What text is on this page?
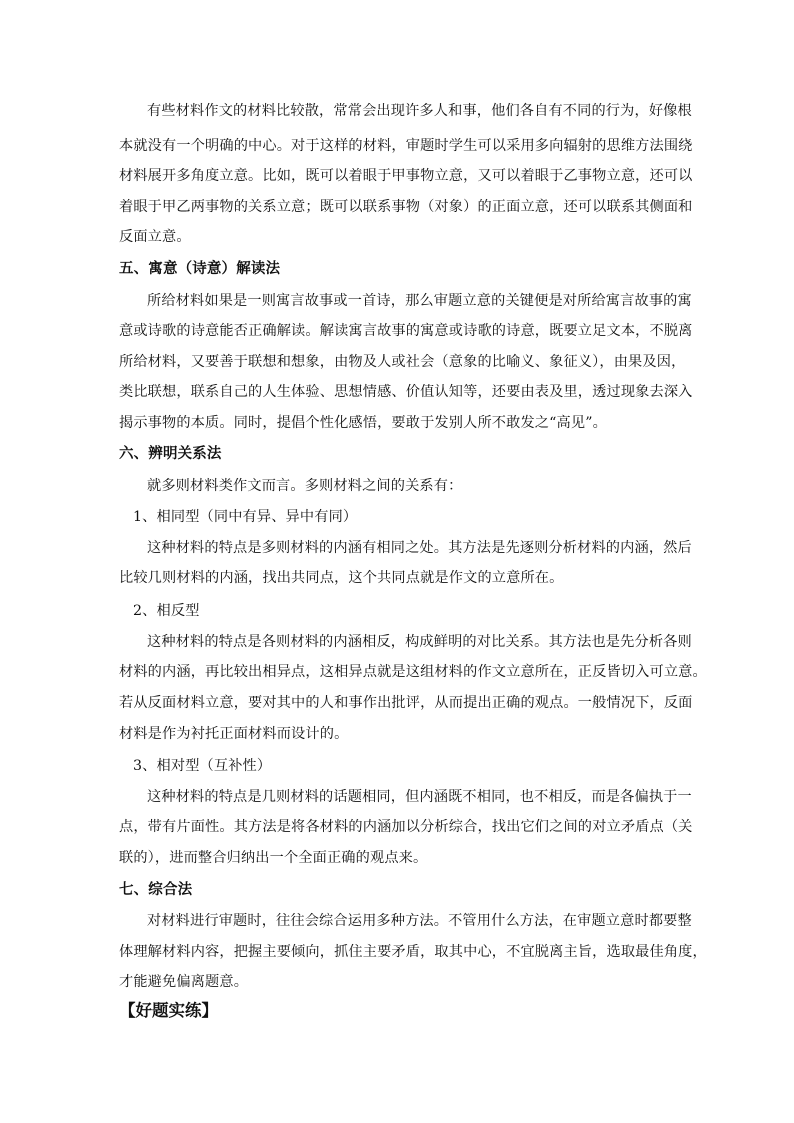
有些材料作文的材料比较散，常常会出现许多人和事，他们各自有不同的行为，好像根
本就没有一个明确的中心。对于这样的材料，审题时学生可以采用多向辐射的思维方法围绕
材料展开多角度立意。比如，既可以着眼于甲事物立意，又可以着眼于乙事物立意，还可以
着眼于甲乙两事物的关系立意；既可以联系事物（对象）的正面立意，还可以联系其侧面和
反面立意。
五、寓意（诗意）解读法
所给材料如果是一则寓言故事或一首诗，那么审题立意的关键便是对所给寓言故事的寓
意或诗歌的诗意能否正确解读。解读寓言故事的寓意或诗歌的诗意，既要立足文本，不脱离
所给材料，又要善于联想和想象，由物及人或社会（意象的比喻义、象征义），由果及因，
类比联想，联系自己的人生体验、思想情感、价值认知等，还要由表及里，透过现象去深入
揭示事物的本质。同时，提倡个性化感悟，要敢于发别人所不敢发之“高见”。
六、辨明关系法
就多则材料类作文而言。多则材料之间的关系有：
1、相同型（同中有异、异中有同）
这种材料的特点是多则材料的内涵有相同之处。其方法是先逐则分析材料的内涵，然后
比较几则材料的内涵，找出共同点，这个共同点就是作文的立意所在。
2、相反型
这种材料的特点是各则材料的内涵相反，构成鲜明的对比关系。其方法也是先分析各则
材料的内涵，再比较出相异点，这相异点就是这组材料的作文立意所在，正反皆切入可立意。
若从反面材料立意，要对其中的人和事作出批评，从而提出正确的观点。一般情况下，反面
材料是作为衬托正面材料而设计的。
3、相对型（互补性）
这种材料的特点是几则材料的话题相同，但内涵既不相同，也不相反，而是各偏执于一
点，带有片面性。其方法是将各材料的内涵加以分析综合，找出它们之间的对立矛盾点（关
联的），进而整合归纳出一个全面正确的观点来。
七、综合法
对材料进行审题时，往往会综合运用多种方法。不管用什么方法，在审题立意时都要整
体理解材料内容，把握主要倾向，抓住主要矛盾，取其中心，不宜脱离主旨，选取最佳角度，
才能避免偏离题意。
【好题实练】
